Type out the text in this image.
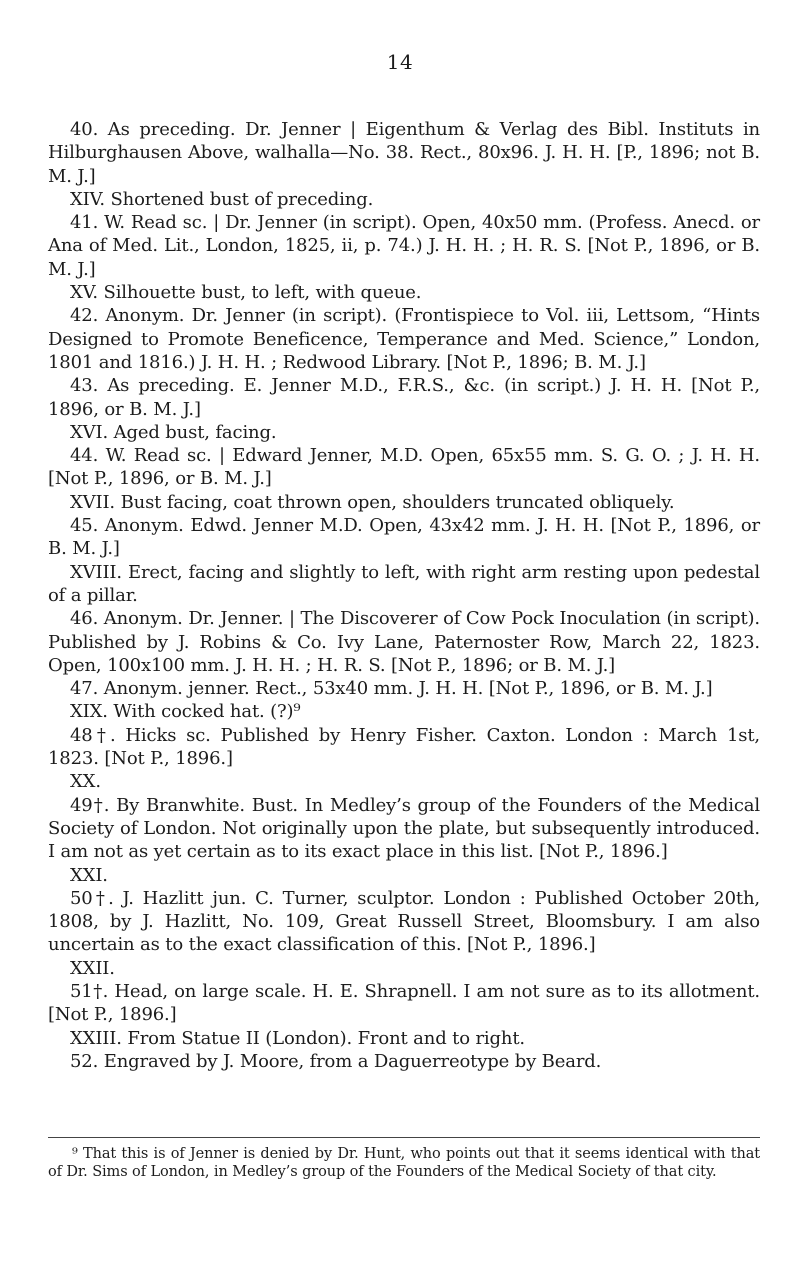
14

40. As preceding. Dr. Jenner | Eigenthum & Verlag des Bibl. Instituts in Hilburghausen Above, walhalla—No. 38. Rect., 80x96. J. H. H. [P., 1896; not B. M. J.]

XIV. Shortened bust of preceding.

41. W. Read sc. | Dr. Jenner (in script). Open, 40x50 mm. (Profess. Anecd. or Ana of Med. Lit., London, 1825, ii, p. 74.) J. H. H. ; H. R. S. [Not P., 1896, or B. M. J.]

XV. Silhouette bust, to left, with queue.

42. Anonym. Dr. Jenner (in script). (Frontispiece to Vol. iii, Lettsom, “Hints Designed to Promote Beneficence, Temperance and Med. Science,” London, 1801 and 1816.) J. H. H. ; Redwood Library. [Not P., 1896; B. M. J.]

43. As preceding. E. Jenner M.D., F.R.S., &c. (in script.) J. H. H. [Not P., 1896, or B. M. J.]

XVI. Aged bust, facing.

44. W. Read sc. | Edward Jenner, M.D. Open, 65x55 mm. S. G. O. ; J. H. H. [Not P., 1896, or B. M. J.]

XVII. Bust facing, coat thrown open, shoulders truncated obliquely.

45. Anonym. Edwd. Jenner M.D. Open, 43x42 mm. J. H. H. [Not P., 1896, or B. M. J.]

XVIII. Erect, facing and slightly to left, with right arm resting upon pedestal of a pillar.

46. Anonym. Dr. Jenner. | The Discoverer of Cow Pock Inoculation (in script). Published by J. Robins & Co. Ivy Lane, Paternoster Row, March 22, 1823. Open, 100x100 mm. J. H. H. ; H. R. S. [Not P., 1896; or B. M. J.]

47. Anonym. jenner. Rect., 53x40 mm. J. H. H. [Not P., 1896, or B. M. J.]

XIX. With cocked hat. (?)⁹

48†. Hicks sc. Published by Henry Fisher. Caxton. London : March 1st, 1823. [Not P., 1896.]

XX.

49†. By Branwhite. Bust. In Medley’s group of the Founders of the Medical Society of London. Not originally upon the plate, but subsequently introduced. I am not as yet certain as to its exact place in this list. [Not P., 1896.]

XXI.

50†. J. Hazlitt jun. C. Turner, sculptor. London : Published October 20th, 1808, by J. Hazlitt, No. 109, Great Russell Street, Bloomsbury. I am also uncertain as to the exact classification of this. [Not P., 1896.]

XXII.

51†. Head, on large scale. H. E. Shrapnell. I am not sure as to its allotment. [Not P., 1896.]

XXIII. From Statue II (London). Front and to right.

52. Engraved by J. Moore, from a Daguerreotype by Beard.

⁹ That this is of Jenner is denied by Dr. Hunt, who points out that it seems identical with that of Dr. Sims of London, in Medley’s group of the Founders of the Medical Society of that city.
